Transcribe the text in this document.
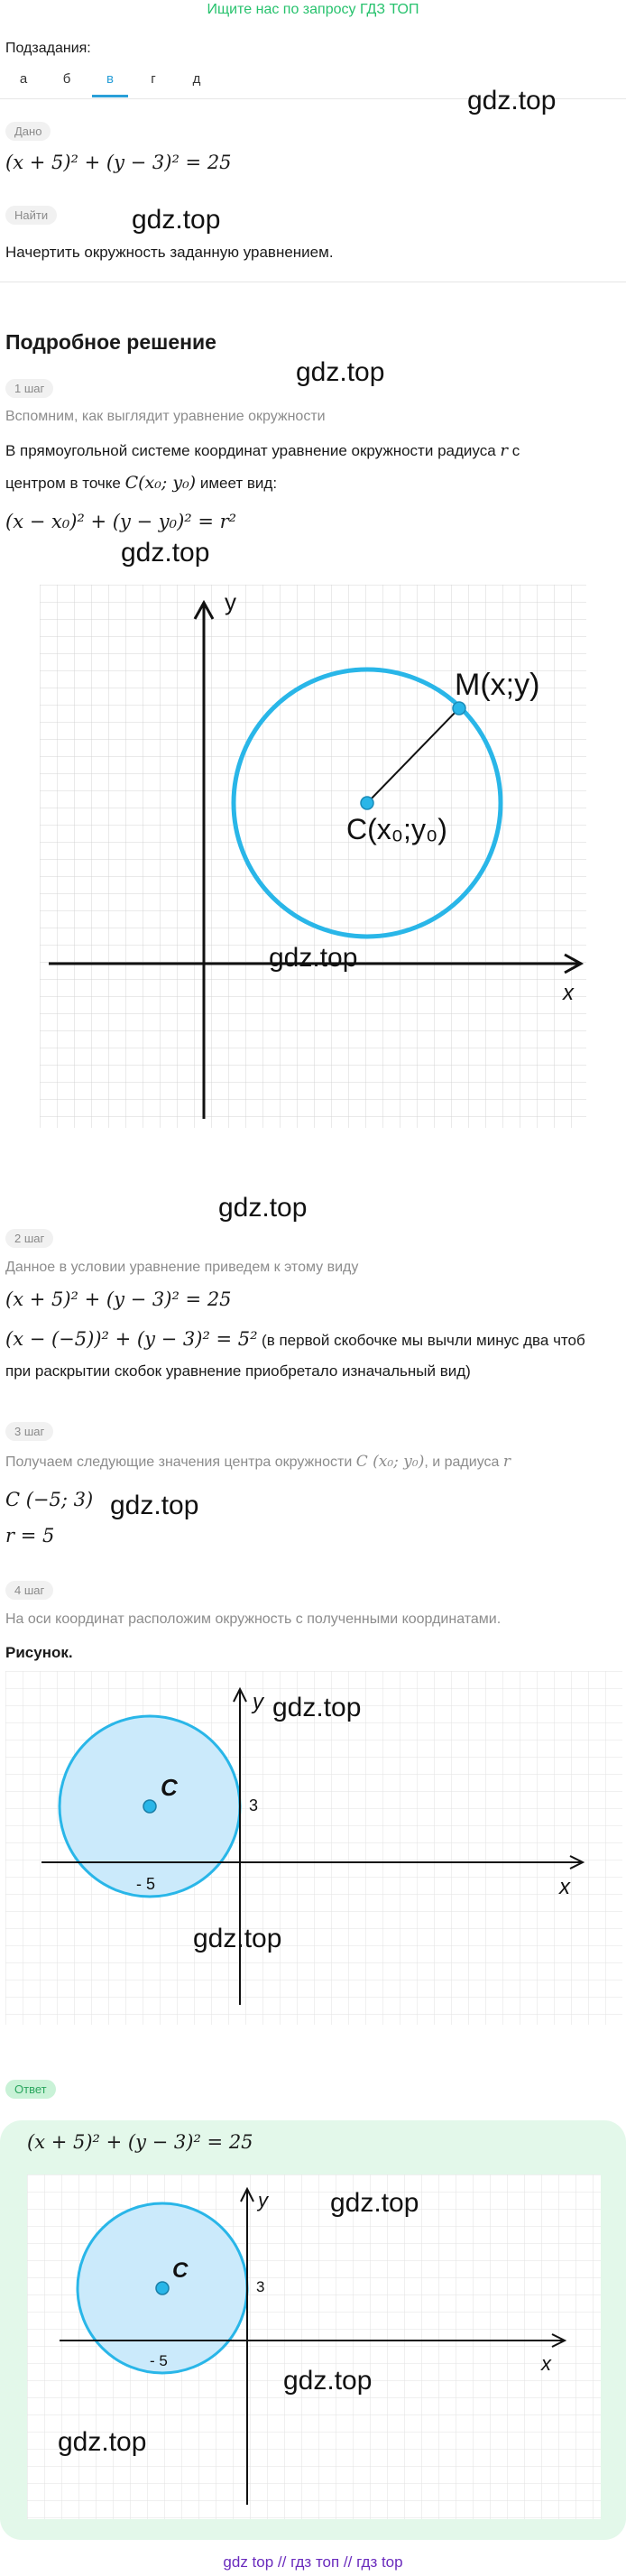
Ищите нас по запросу ГДЗ ТОП
Подзадания:
а	б	в	г	д
Дано
(x + 5)² + (y − 3)² = 25
Найти
Начертить окружность заданную уравнением.
Подробное решение
1 шаг
Вспомним, как выглядит уравнение окружности
В прямоугольной системе координат уравнение окружности радиуса r с
центром в точке C(x₀; y₀) имеет вид:
(x − x₀)² + (y − y₀)² = r²
y
x
M(x;y)
C(x₀;y₀)
2 шаг
Данное в условии уравнение приведем к этому виду
(x + 5)² + (y − 3)² = 25
(x − (−5))² + (y − 3)² = 5² (в первой скобочке мы вычли минус два чтоб
при раскрытии скобок уравнение приобретало изначальный вид)
3 шаг
Получаем следующие значения центра окружности C (x₀; y₀), и радиуса r
C (−5; 3)
r = 5
4 шаг
На оси координат расположим окружность с полученными координатами.
Рисунок.
C
3
- 5
y
x
Ответ
(x + 5)² + (y − 3)² = 25
C
3
- 5
y
x
gdz.top
gdz.top
gdz.top
gdz.top
gdz.top
gdz.top
gdz.top
gdz.top
gdz.top
gdz.top
gdz.top
gdz.top
gdz top // гдз топ // гдз top
